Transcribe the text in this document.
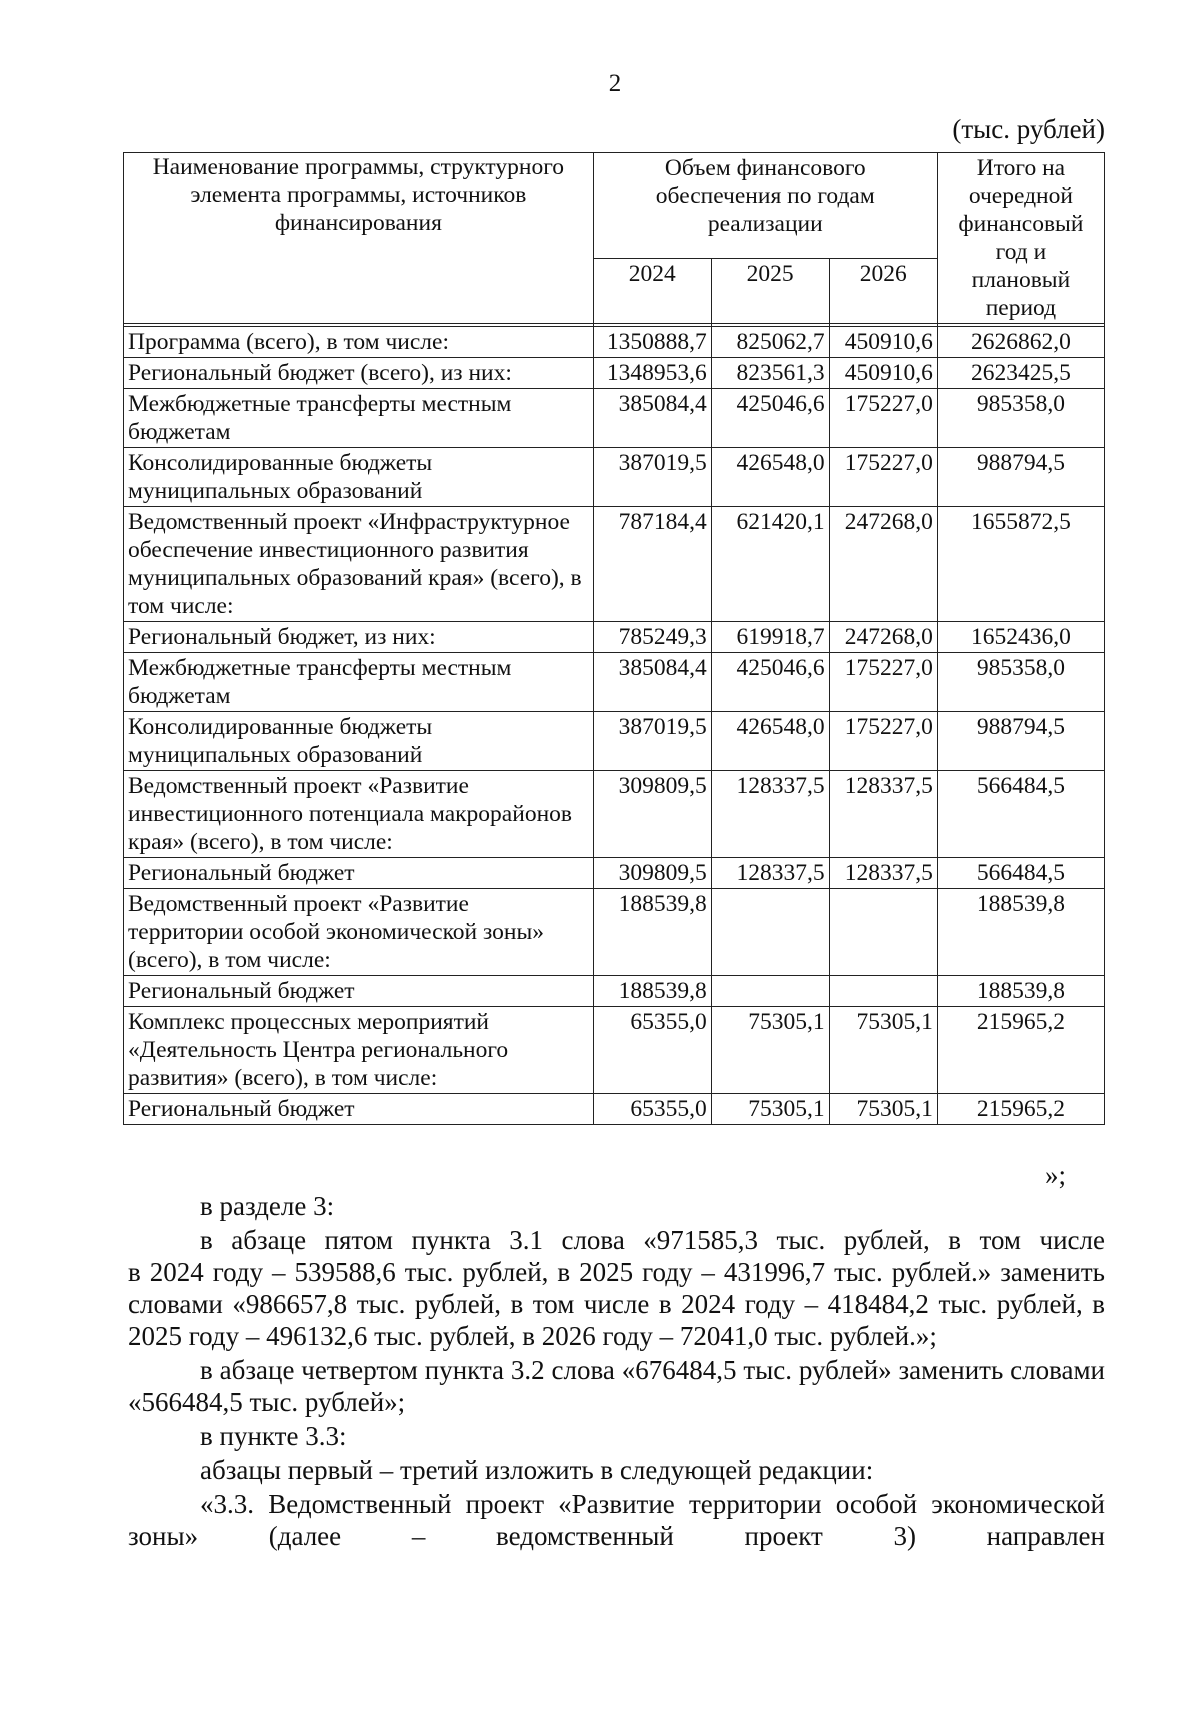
2
(тыс. рублей)
Наименование программы, структурного элемента программы, источников финансирования	Объем финансового обеспечения по годам реализации			Итого на очередной финансовый год и плановый период
	2024	2025	2026	

Программа (всего), в том числе:	1350888,7	825062,7	450910,6	2626862,0
Региональный бюджет (всего), из них:	1348953,6	823561,3	450910,6	2623425,5
Межбюджетные трансферты местным бюджетам	385084,4	425046,6	175227,0	985358,0
Консолидированные бюджеты муниципальных образований	387019,5	426548,0	175227,0	988794,5
Ведомственный проект «Инфраструктурное обеспечение инвестиционного развития муниципальных образований края» (всего), в том числе:	787184,4	621420,1	247268,0	1655872,5
Региональный бюджет, из них:	785249,3	619918,7	247268,0	1652436,0
Межбюджетные трансферты местным бюджетам	385084,4	425046,6	175227,0	985358,0
Консолидированные бюджеты муниципальных образований	387019,5	426548,0	175227,0	988794,5
Ведомственный проект «Развитие инвестиционного потенциала макрорайонов края» (всего), в том числе:	309809,5	128337,5	128337,5	566484,5
Региональный бюджет	309809,5	128337,5	128337,5	566484,5
Ведомственный проект «Развитие территории особой экономической зоны» (всего), в том числе:	188539,8			188539,8
Региональный бюджет	188539,8			188539,8
Комплекс процессных мероприятий «Деятельность Центра регионального развития» (всего), в том числе:	65355,0	75305,1	75305,1	215965,2
Региональный бюджет	65355,0	75305,1	75305,1	215965,2
»;

в разделе 3:

в абзаце пятом пункта 3.1 слова «971585,3 тыс. рублей, в том числе

в 2024 году – 539588,6 тыс. рублей, в 2025 году – 431996,7 тыс. рублей.» заменить словами «986657,8 тыс. рублей, в том числе в 2024 году – 418484,2 тыс. рублей, в 2025 году – 496132,6 тыс. рублей, в 2026 году – 72041,0 тыс. рублей.»;

в абзаце четвертом пункта 3.2 слова «676484,5 тыс. рублей» заменить словами «566484,5 тыс. рублей»;

в пункте 3.3:

абзацы первый – третий изложить в следующей редакции:

«3.3. Ведомственный проект «Развитие территории особой экономической зоны» (далее – ведомственный проект 3) направлен
